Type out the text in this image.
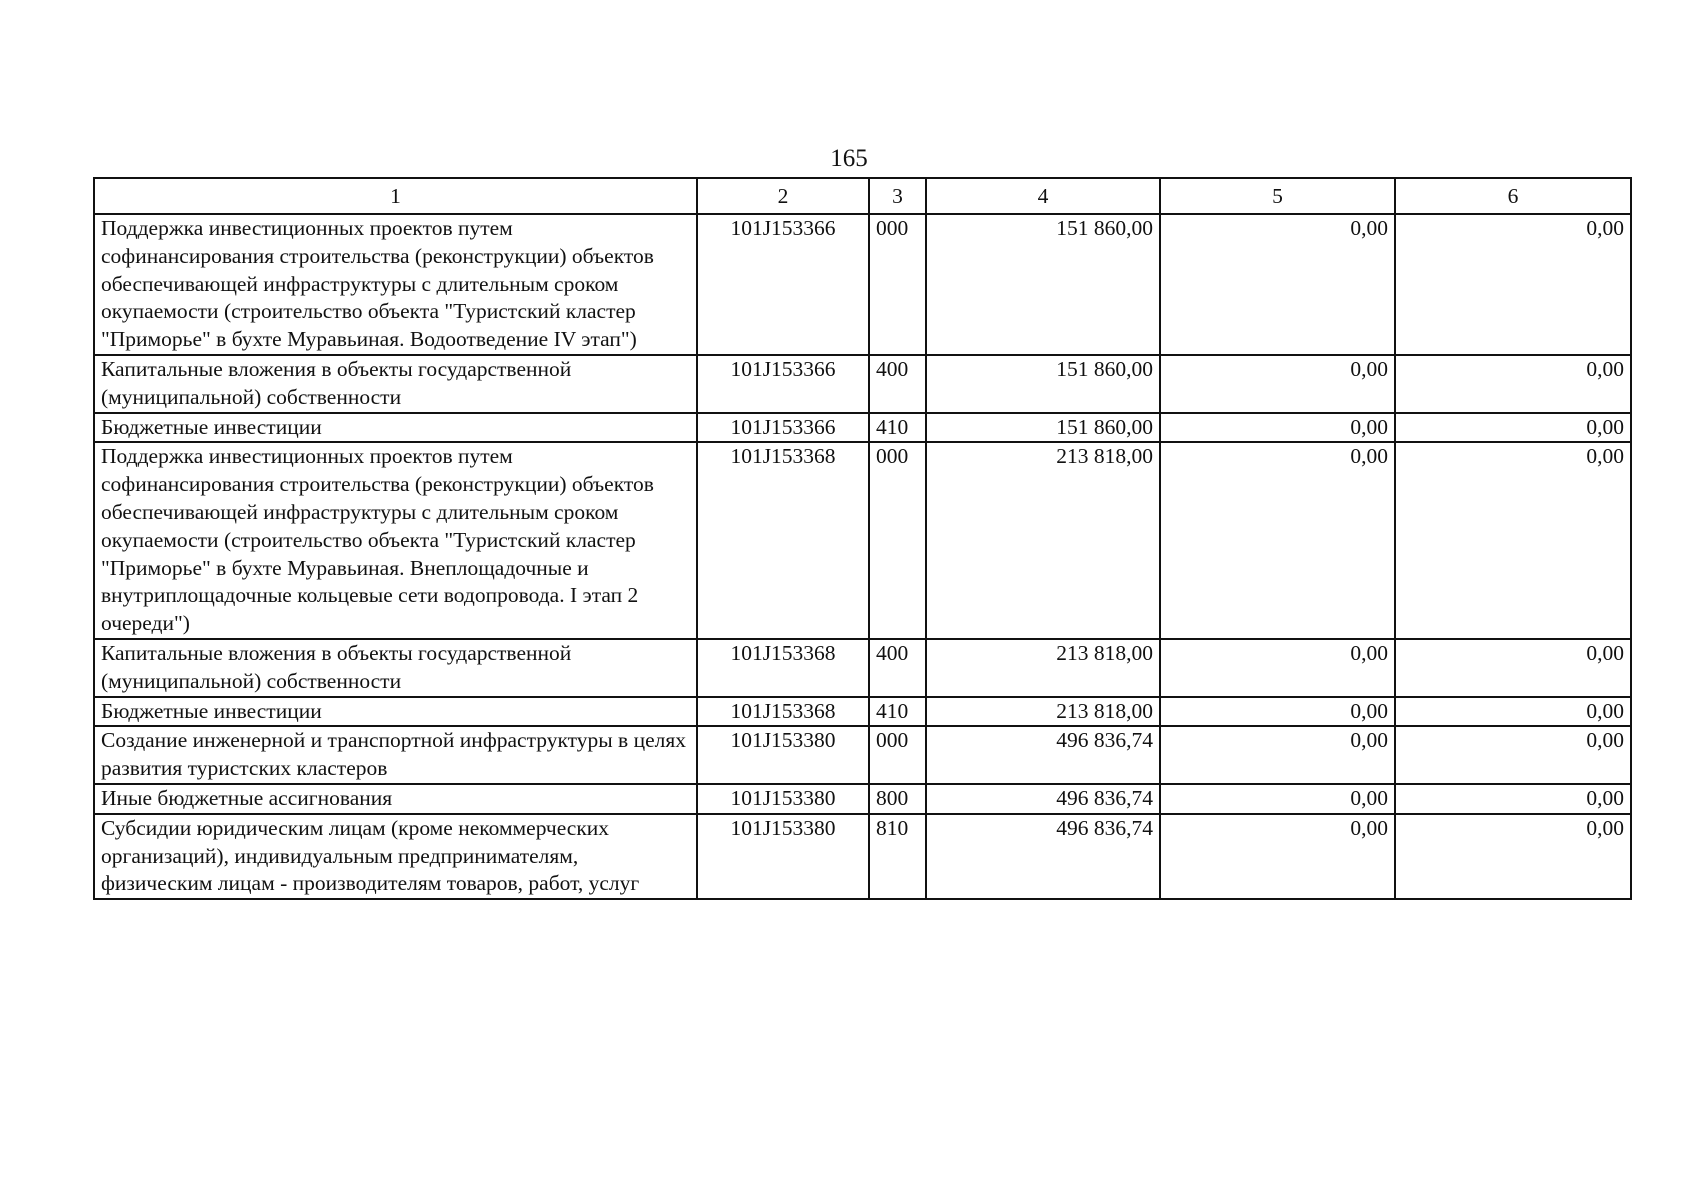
165
1	2	3	4	5	6
Поддержка инвестиционных проектов путем софинансирования строительства (реконструкции) объектов обеспечивающей инфраструктуры с длительным сроком окупаемости (строительство объекта "Туристский кластер "Приморье" в бухте Муравьиная. Водоотведение IV этап")	101J153366	000	151 860,00	0,00	0,00
Капитальные вложения в объекты государственной (муниципальной) собственности	101J153366	400	151 860,00	0,00	0,00
Бюджетные инвестиции	101J153366	410	151 860,00	0,00	0,00
Поддержка инвестиционных проектов путем софинансирования строительства (реконструкции) объектов обеспечивающей инфраструктуры с длительным сроком окупаемости (строительство объекта "Туристский кластер "Приморье" в бухте Муравьиная. Внеплощадочные и внутриплощадочные кольцевые сети водопровода. I этап 2 очереди")	101J153368	000	213 818,00	0,00	0,00
Капитальные вложения в объекты государственной (муниципальной) собственности	101J153368	400	213 818,00	0,00	0,00
Бюджетные инвестиции	101J153368	410	213 818,00	0,00	0,00
Создание инженерной и транспортной инфраструктуры в целях развития туристских кластеров	101J153380	000	496 836,74	0,00	0,00
Иные бюджетные ассигнования	101J153380	800	496 836,74	0,00	0,00
Субсидии юридическим лицам (кроме некоммерческих организаций), индивидуальным предпринимателям, физическим лицам - производителям товаров, работ, услуг	101J153380	810	496 836,74	0,00	0,00
